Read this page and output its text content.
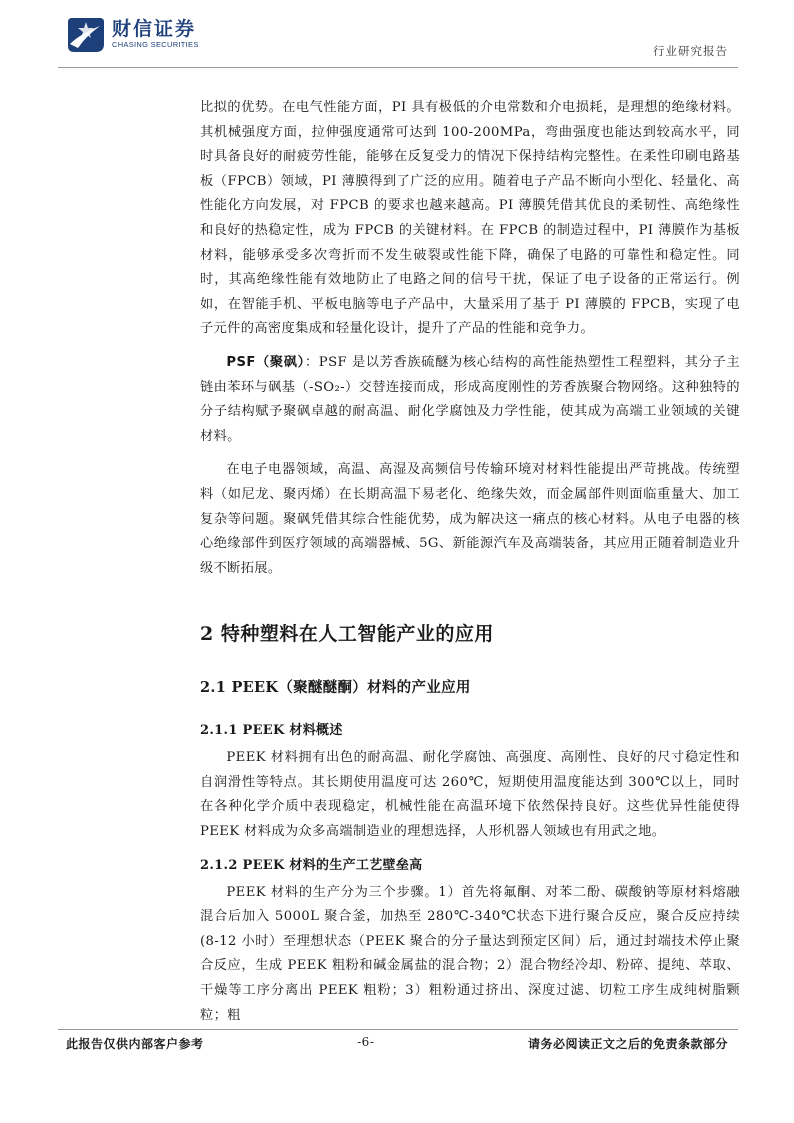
财信证券
CHASING SECURITIES	行业研究报告

比拟的优势。在电气性能方面，PI 具有极低的介电常数和介电损耗，是理想的绝缘材料。其机械强度方面，拉伸强度通常可达到 100-200MPa，弯曲强度也能达到较高水平，同时具备良好的耐疲劳性能，能够在反复受力的情况下保持结构完整性。在柔性印刷电路基板（FPCB）领域，PI 薄膜得到了广泛的应用。随着电子产品不断向小型化、轻量化、高性能化方向发展，对 FPCB 的要求也越来越高。PI 薄膜凭借其优良的柔韧性、高绝缘性和良好的热稳定性，成为 FPCB 的关键材料。在 FPCB 的制造过程中，PI 薄膜作为基板材料，能够承受多次弯折而不发生破裂或性能下降，确保了电路的可靠性和稳定性。同时，其高绝缘性能有效地防止了电路之间的信号干扰，保证了电子设备的正常运行。例如，在智能手机、平板电脑等电子产品中，大量采用了基于 PI 薄膜的 FPCB，实现了电子元件的高密度集成和轻量化设计，提升了产品的性能和竞争力。

PSF（聚砜）：PSF 是以芳香族硫醚为核心结构的高性能热塑性工程塑料，其分子主链由苯环与砜基（-SO₂-）交替连接而成，形成高度刚性的芳香族聚合物网络。这种独特的分子结构赋予聚砜卓越的耐高温、耐化学腐蚀及力学性能，使其成为高端工业领域的关键材料。

在电子电器领域，高温、高湿及高频信号传输环境对材料性能提出严苛挑战。传统塑料（如尼龙、聚丙烯）在长期高温下易老化、绝缘失效，而金属部件则面临重量大、加工复杂等问题。聚砜凭借其综合性能优势，成为解决这一痛点的核心材料。从电子电器的核心绝缘部件到医疗领域的高端器械、5G、新能源汽车及高端装备，其应用正随着制造业升级不断拓展。

2 特种塑料在人工智能产业的应用
2.1 PEEK（聚醚醚酮）材料的产业应用
2.1.1 PEEK 材料概述

PEEK 材料拥有出色的耐高温、耐化学腐蚀、高强度、高刚性、良好的尺寸稳定性和自润滑性等特点。其长期使用温度可达 260℃，短期使用温度能达到 300℃以上，同时在各种化学介质中表现稳定，机械性能在高温环境下依然保持良好。这些优异性能使得 PEEK 材料成为众多高端制造业的理想选择，人形机器人领域也有用武之地。

2.1.2 PEEK 材料的生产工艺壁垒高

PEEK 材料的生产分为三个步骤。1）首先将氟酮、对苯二酚、碳酸钠等原材料熔融混合后加入 5000L 聚合釜，加热至 280℃-340℃状态下进行聚合反应，聚合反应持续(8-12 小时）至理想状态（PEEK 聚合的分子量达到预定区间）后，通过封端技术停止聚合反应，生成 PEEK 粗粉和碱金属盐的混合物；2）混合物经冷却、粉碎、提纯、萃取、干燥等工序分离出 PEEK 粗粉；3）粗粉通过挤出、深度过滤、切粒工序生成纯树脂颗粒；粗

此报告仅供内部客户参考	-6-	请务必阅读正文之后的免责条款部分
